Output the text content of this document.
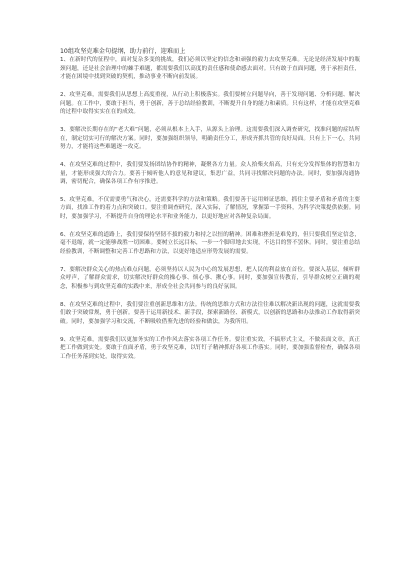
10组攻坚克难金句提纲，助力前行，迎难而上

1、在新时代的征程中，面对复杂多变的挑战，我们必须以坚定的信念和顽强的毅力去攻坚克难。无论是经济发展中的瓶颈问题，还是社会治理中的棘手难题，都需要我们以高度的责任感和使命感去面对。只有敢于直面问题，勇于承担责任，才能在困境中找到突破的契机，推动事业不断向前发展。

2、攻坚克难，需要我们从思想上高度重视，从行动上积极落实。我们要树立问题导向，善于发现问题、分析问题、解决问题。在工作中，要敢于担当，勇于创新，善于总结经验教训，不断提升自身的能力和素质。只有这样，才能在攻坚克难的过程中取得实实在在的成效。

3、要解决长期存在的“老大难”问题，必须从根本上入手，从源头上治理。这需要我们深入调查研究，找准问题的症结所在，制定切实可行的解决方案。同时，要加强组织领导，明确责任分工，形成齐抓共管的良好局面。只有上下一心，共同努力，才能将这些难题逐一攻克。

4、在攻坚克难的过程中，我们要发扬团结协作的精神，凝聚各方力量。众人拾柴火焰高，只有充分发挥集体的智慧和力量，才能形成强大的合力。要善于倾听他人的意见和建议，集思广益，共同寻找解决问题的办法。同时，要加强沟通协调，密切配合，确保各项工作有序推进。

5、攻坚克难，不仅需要勇气和决心，还需要科学的方法和策略。我们要善于运用辩证思维，抓住主要矛盾和矛盾的主要方面，找准工作的着力点和突破口。要注重调查研究，深入实际，了解情况，掌握第一手资料，为科学决策提供依据。同时，要加强学习，不断提升自身的理论水平和业务能力，以更好地应对各种复杂局面。

6、在攻坚克难的道路上，我们要保持坚韧不拔的毅力和持之以恒的精神。困难和挫折是难免的，但只要我们坚定信念，毫不退缩，就一定能够战胜一切困难。要树立长远目标，一步一个脚印地去实现，不达目的誓不罢休。同时，要注重总结经验教训，不断调整和完善工作思路和方法，以更好地适应形势发展的需要。

7、要解决群众关心的热点难点问题，必须坚持以人民为中心的发展思想，把人民的利益放在首位。要深入基层，倾听群众呼声，了解群众需求，切实解决好群众的操心事、烦心事、揪心事。同时，要加强宣传教育，引导群众树立正确的观念，积极参与到攻坚克难的实践中来，形成全社会共同参与的良好氛围。

8、在攻坚克难的过程中，我们要注重创新思维和方法。传统的思维方式和方法往往难以解决新出现的问题，这就需要我们敢于突破常规，勇于创新。要善于运用新技术、新手段，探索新路径、新模式，以创新的思路和办法推动工作取得新突破。同时，要加强学习和交流，不断吸收借鉴先进的经验和做法，为我所用。

9、攻坚克难，需要我们以更加务实的工作作风去落实各项工作任务。要注重实效，不搞形式主义，不做表面文章，真正把工作做到实处。要敢于直面矛盾，勇于攻坚克难，以钉钉子精神抓好各项工作落实。同时，要加强监督检查，确保各项工作任务落到实处，取得实效。
